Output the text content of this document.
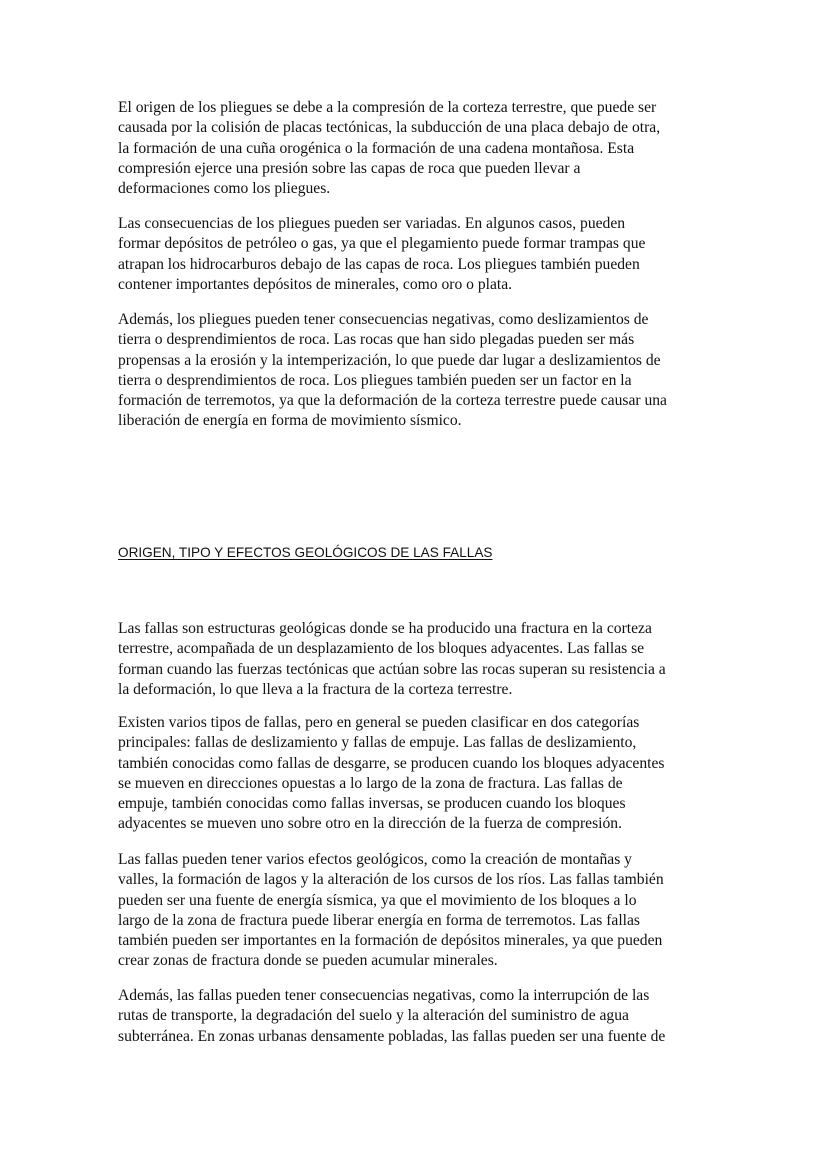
El origen de los pliegues se debe a la compresión de la corteza terrestre, que puede ser
causada por la colisión de placas tectónicas, la subducción de una placa debajo de otra,
la formación de una cuña orogénica o la formación de una cadena montañosa. Esta
compresión ejerce una presión sobre las capas de roca que pueden llevar a
deformaciones como los pliegues.

Las consecuencias de los pliegues pueden ser variadas. En algunos casos, pueden
formar depósitos de petróleo o gas, ya que el plegamiento puede formar trampas que
atrapan los hidrocarburos debajo de las capas de roca. Los pliegues también pueden
contener importantes depósitos de minerales, como oro o plata.

Además, los pliegues pueden tener consecuencias negativas, como deslizamientos de
tierra o desprendimientos de roca. Las rocas que han sido plegadas pueden ser más
propensas a la erosión y la intemperización, lo que puede dar lugar a deslizamientos de
tierra o desprendimientos de roca. Los pliegues también pueden ser un factor en la
formación de terremotos, ya que la deformación de la corteza terrestre puede causar una
liberación de energía en forma de movimiento sísmico.

ORIGEN, TIPO Y EFECTOS GEOLÓGICOS DE LAS FALLAS

Las fallas son estructuras geológicas donde se ha producido una fractura en la corteza
terrestre, acompañada de un desplazamiento de los bloques adyacentes. Las fallas se
forman cuando las fuerzas tectónicas que actúan sobre las rocas superan su resistencia a
la deformación, lo que lleva a la fractura de la corteza terrestre.

Existen varios tipos de fallas, pero en general se pueden clasificar en dos categorías
principales: fallas de deslizamiento y fallas de empuje. Las fallas de deslizamiento,
también conocidas como fallas de desgarre, se producen cuando los bloques adyacentes
se mueven en direcciones opuestas a lo largo de la zona de fractura. Las fallas de
empuje, también conocidas como fallas inversas, se producen cuando los bloques
adyacentes se mueven uno sobre otro en la dirección de la fuerza de compresión.

Las fallas pueden tener varios efectos geológicos, como la creación de montañas y
valles, la formación de lagos y la alteración de los cursos de los ríos. Las fallas también
pueden ser una fuente de energía sísmica, ya que el movimiento de los bloques a lo
largo de la zona de fractura puede liberar energía en forma de terremotos. Las fallas
también pueden ser importantes en la formación de depósitos minerales, ya que pueden
crear zonas de fractura donde se pueden acumular minerales.

Además, las fallas pueden tener consecuencias negativas, como la interrupción de las
rutas de transporte, la degradación del suelo y la alteración del suministro de agua
subterránea. En zonas urbanas densamente pobladas, las fallas pueden ser una fuente de
